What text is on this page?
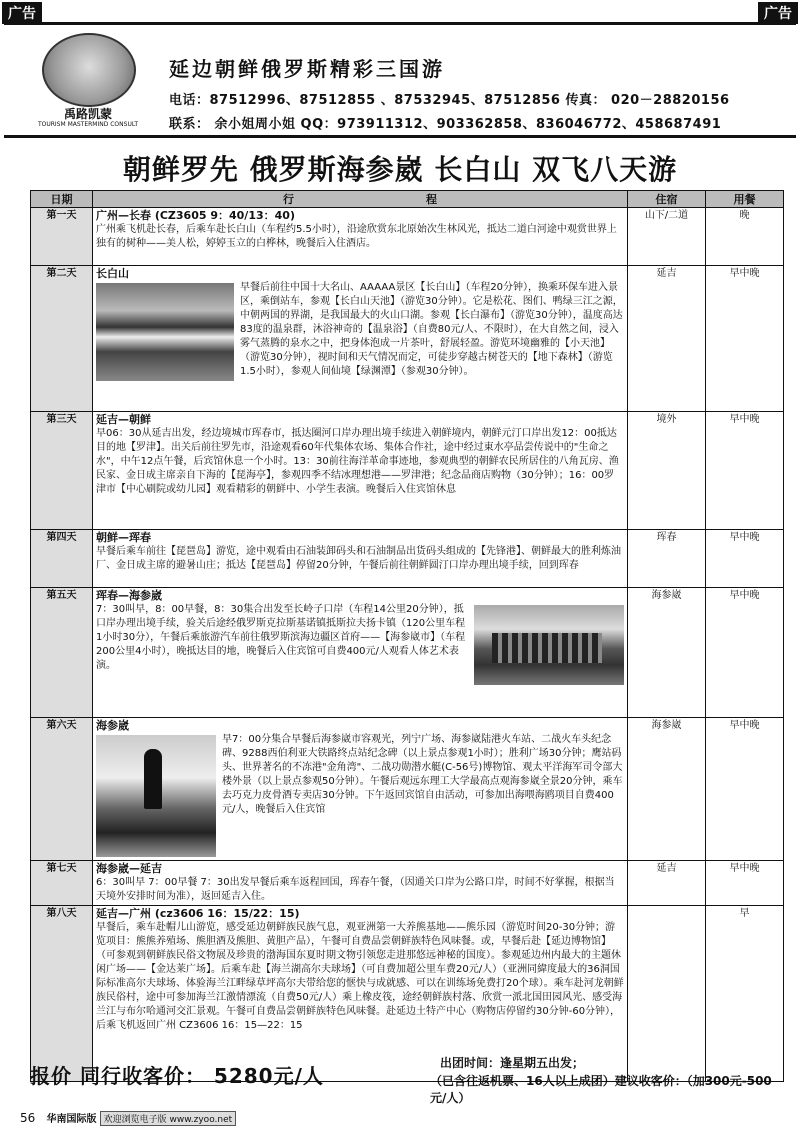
广告	广告
禹路凯蒙
TOURISM MASTERMIND CONSULT
延边朝鲜俄罗斯精彩三国游
电话：87512996、87512855 、87532945、87512856 传真： 020－28820156
联系： 余小姐周小姐 QQ：973911312、903362858、836046772、458687491
朝鲜罗先 俄罗斯海参崴 长白山 双飞八天游
日期	行　　　　　　　　　　　　程	住宿	用餐
第一天	广州—长春 (CZ3605 9：40/13：40)
广州乘飞机赴长春，后乘车赴长白山（车程约5.5小时），沿途欣赏东北原始次生林风光，抵达二道白河途中观赏世界上独有的树种——美人松，婷婷玉立的白桦林，晚餐后入住酒店。	山下/二道	晚
第二天	长白山
早餐后前往中国十大名山、AAAAA景区【长白山】（车程20分钟），换乘环保车进入景区，乘倒站车，参观【长白山天池】（游览30分钟）。它是松花、图们、鸭绿三江之源，中朝两国的界湖，是我国最大的火山口湖。参观【长白瀑布】（游览30分钟），温度高达83度的温泉群，沐浴神奇的【温泉浴】（自费80元/人、不限时），在大自然之间，浸入雾气蒸腾的泉水之中，把身体泡成一片茶叶，舒展轻盈。游览环境幽雅的【小天池】（游览30分钟），视时间和天气情况而定，可徒步穿越古树苍天的【地下森林】（游览1.5小时），参观人间仙境【绿渊潭】（参观30分钟）。	延吉	早中晚
第三天	延吉—朝鲜
早06：30从延吉出发，经边境城市珲春市，抵达圈河口岸办理出境手续进入朝鲜境内，朝鲜元汀口岸出发12：00抵达目的地【罗津】。出关后前往罗先市，沿途观看60年代集体农场、集体合作社，途中经过東水亭品尝传说中的"生命之水"，中午12点午餐，后宾馆休息一个小时。13：30前往海洋革命事迹地，参观典型的朝鲜农民所居住的八角瓦房、渔民家、金日成主席亲自下海的【琵海亭】，参观四季不结冰理想港——罗津港；纪念品商店购物（30分钟）；16：00罗津市【中心刷院或幼儿园】观看精彩的朝鲜中、小学生表演。晚餐后入住宾馆休息	境外	早中晚
第四天	朝鲜—珲春
早餐后乘车前往【琵琶岛】游览，途中观看由石油装卸码头和石油制品出货码头组成的【先锋港】、朝鲜最大的胜利炼油厂、金日成主席的避暑山庄；抵达【琵琶岛】停留20分钟，午餐后前往朝鲜圆汀口岸办理出境手续，回到珲春	珲春	早中晚
第五天	珲春—海参崴
7：30叫早，8：00早餐，8：30集合出发至长岭子口岸（车程14公里20分钟），抵口岸办理出境手续，验关后途经俄罗斯克拉斯基诺镇抵斯拉夫扬卡镇（120公里车程1小时30分），午餐后乘旅游汽车前往俄罗斯滨海边疆区首府——【海参崴市】（车程200公里4小时），晚抵达目的地，晚餐后入住宾馆可自费400元/人观看人体艺术表演。	海参崴	早中晚
第六天	海参崴
早7：00分集合早餐后海参崴市容观光，列宁广场、海参崴陆港火车站、二战火车头纪念碑、9288西伯利亚大铁路终点站纪念碑（以上景点参观1小时）；胜利广场30分钟；鹰站码头、世界著名的不冻港"金角湾"、二战功勋潜水艇(C-56号)博物馆、观太平洋海军司令部大楼外景（以上景点参观50分钟）。午餐后观远东理工大学最高点观海参崴全景20分钟，乘车去巧克力皮骨酒专卖店30分钟。下午返回宾馆自由活动，可参加出海喂海鸥项目自费400元/人，晚餐后入住宾馆	海参崴	早中晚
第七天	海参崴—延吉
6：30叫早 7：00早餐 7：30出发早餐后乘车返程回国，珲春午餐，（因通关口岸为公路口岸，时间不好掌握，根据当天境外安排时间为准），返回延吉入住。	延吉	早中晚
第八天	延吉—广州 (cz3606 16：15/22：15)
早餐后，乘车赴帽儿山游览，感受延边朝鲜族民族气息，观亚洲第一大养熊基地——熊乐园（游览时间20-30分钟；游览项目：熊熊养殖场、熊胆酒及熊胆、黄胆产品），午餐可自费品尝朝鲜族特色风味餐。或，早餐后赴【延边博物馆】（可参观到朝鲜族民俗文物展及珍贵的渤海国东夏时期文物引领您走进那悠远神秘的国度）。参观延边州内最大的主题休闲广场——【金达莱广场】。后乘车赴【海兰湖高尔夫球场】（可自费加超公里车费20元/人）（亚洲同緯度最大的36洞国际标准高尔夫球场、体验海兰江畔绿草坪高尔夫带给您的惬快与成就感、可以在训练场免费打20个球）。乘车赴河龙朝鲜族民俗村，途中可参加海兰江激情漂流（自费50元/人）乘上橡皮筏，途经朝鲜族村落、欣赏一派北国田园风光、感受海兰江与布尔哈通河交汇景观。午餐可自费品尝朝鲜族特色风味餐。赴延边土特产中心（购物店停留约30分钟-60分钟），后乘飞机返回广州 CZ3606 16：15—22：15		早
报价 同行收客价： 5280元/人
出团时间：逢星期五出发；
（已含往返机票、16人以上成团）建议收客价：（加300元-500元/人）
56 华南国际版 欢迎浏览电子版 www.zyoo.net
